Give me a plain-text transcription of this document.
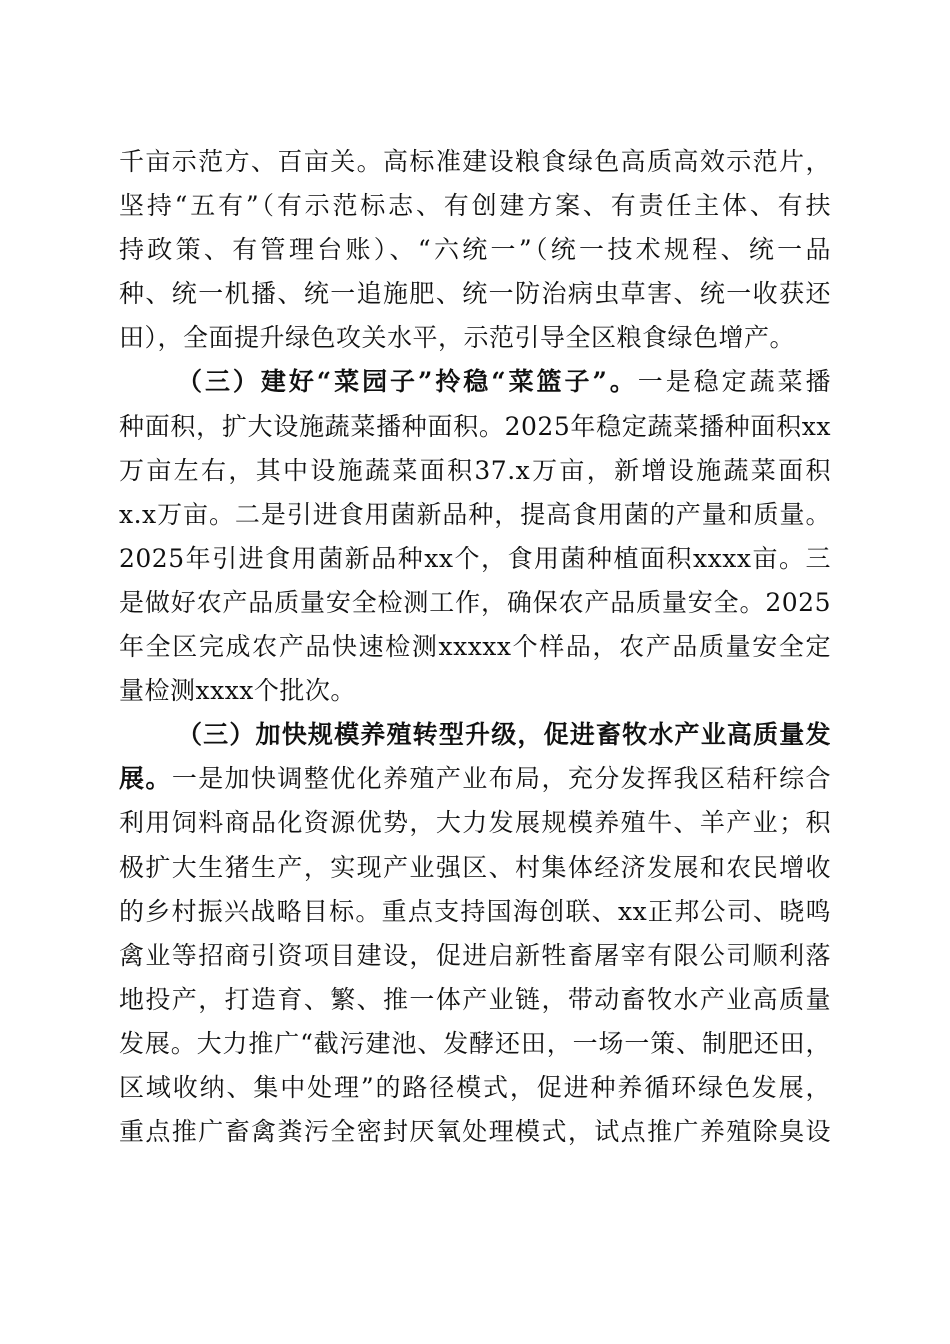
千亩示范方、百亩关。高标准建设粮食绿色高质高效示范片，
坚持“五有”（有示范标志、有创建方案、有责任主体、有扶
持政策、有管理台账）、“六统一”（统一技术规程、统一品
种、统一机播、统一追施肥、统一防治病虫草害、统一收获还
田），全面提升绿色攻关水平，示范引导全区粮食绿色增产。
（三）建好“菜园子”拎稳“菜篮子”。一是稳定蔬菜播
种面积，扩大设施蔬菜播种面积。2025年稳定蔬菜播种面积xx
万亩左右，其中设施蔬菜面积37.x万亩，新增设施蔬菜面积
x.x万亩。二是引进食用菌新品种，提高食用菌的产量和质量。
2025年引进食用菌新品种xx个，食用菌种植面积xxxx亩。三
是做好农产品质量安全检测工作，确保农产品质量安全。2025
年全区完成农产品快速检测xxxxx个样品，农产品质量安全定
量检测xxxx个批次。
（三）加快规模养殖转型升级，促进畜牧水产业高质量发
展。一是加快调整优化养殖产业布局，充分发挥我区秸秆综合
利用饲料商品化资源优势，大力发展规模养殖牛、羊产业；积
极扩大生猪生产，实现产业强区、村集体经济发展和农民增收
的乡村振兴战略目标。重点支持国海创联、xx正邦公司、晓鸣
禽业等招商引资项目建设，促进启新牲畜屠宰有限公司顺利落
地投产，打造育、繁、推一体产业链，带动畜牧水产业高质量
发展。大力推广“截污建池、发酵还田，一场一策、制肥还田，
区域收纳、集中处理”的路径模式，促进种养循环绿色发展，
重点推广畜禽粪污全密封厌氧处理模式，试点推广养殖除臭设
